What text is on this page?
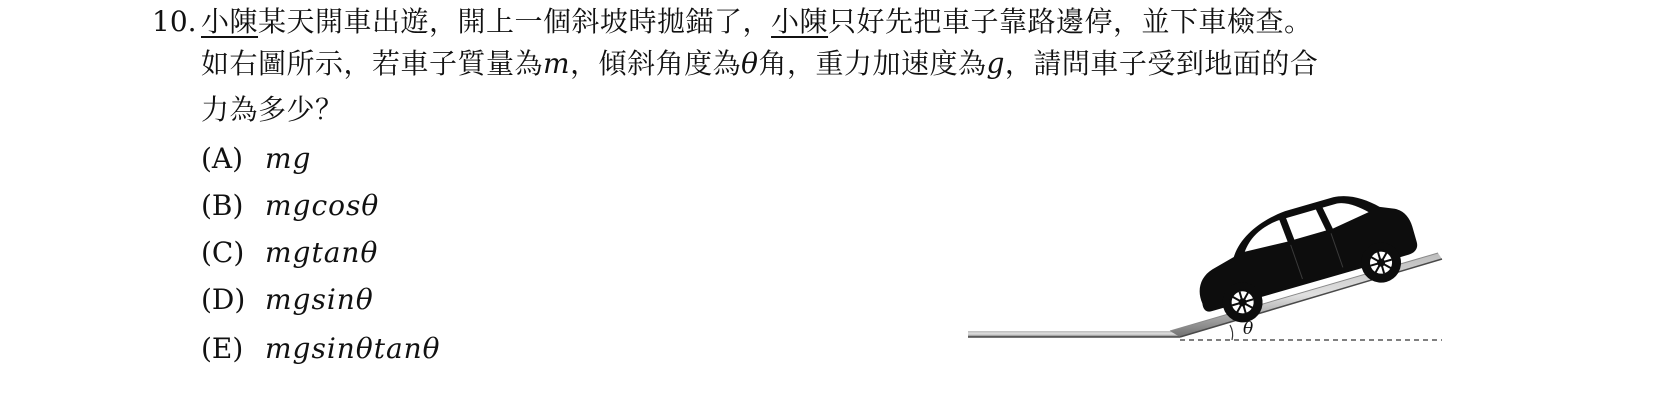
10. 小陳某天開車出遊，開上一個斜坡時拋錨了，小陳只好先把車子靠路邊停，並下車檢查。
如右圖所示，若車子質量為m，傾斜角度為θ角，重力加速度為g，請問車子受到地面的合
力為多少？
(A) mg
(B) mgcosθ
(C) mgtanθ
(D) mgsinθ
(E) mgsinθtanθ
θ
